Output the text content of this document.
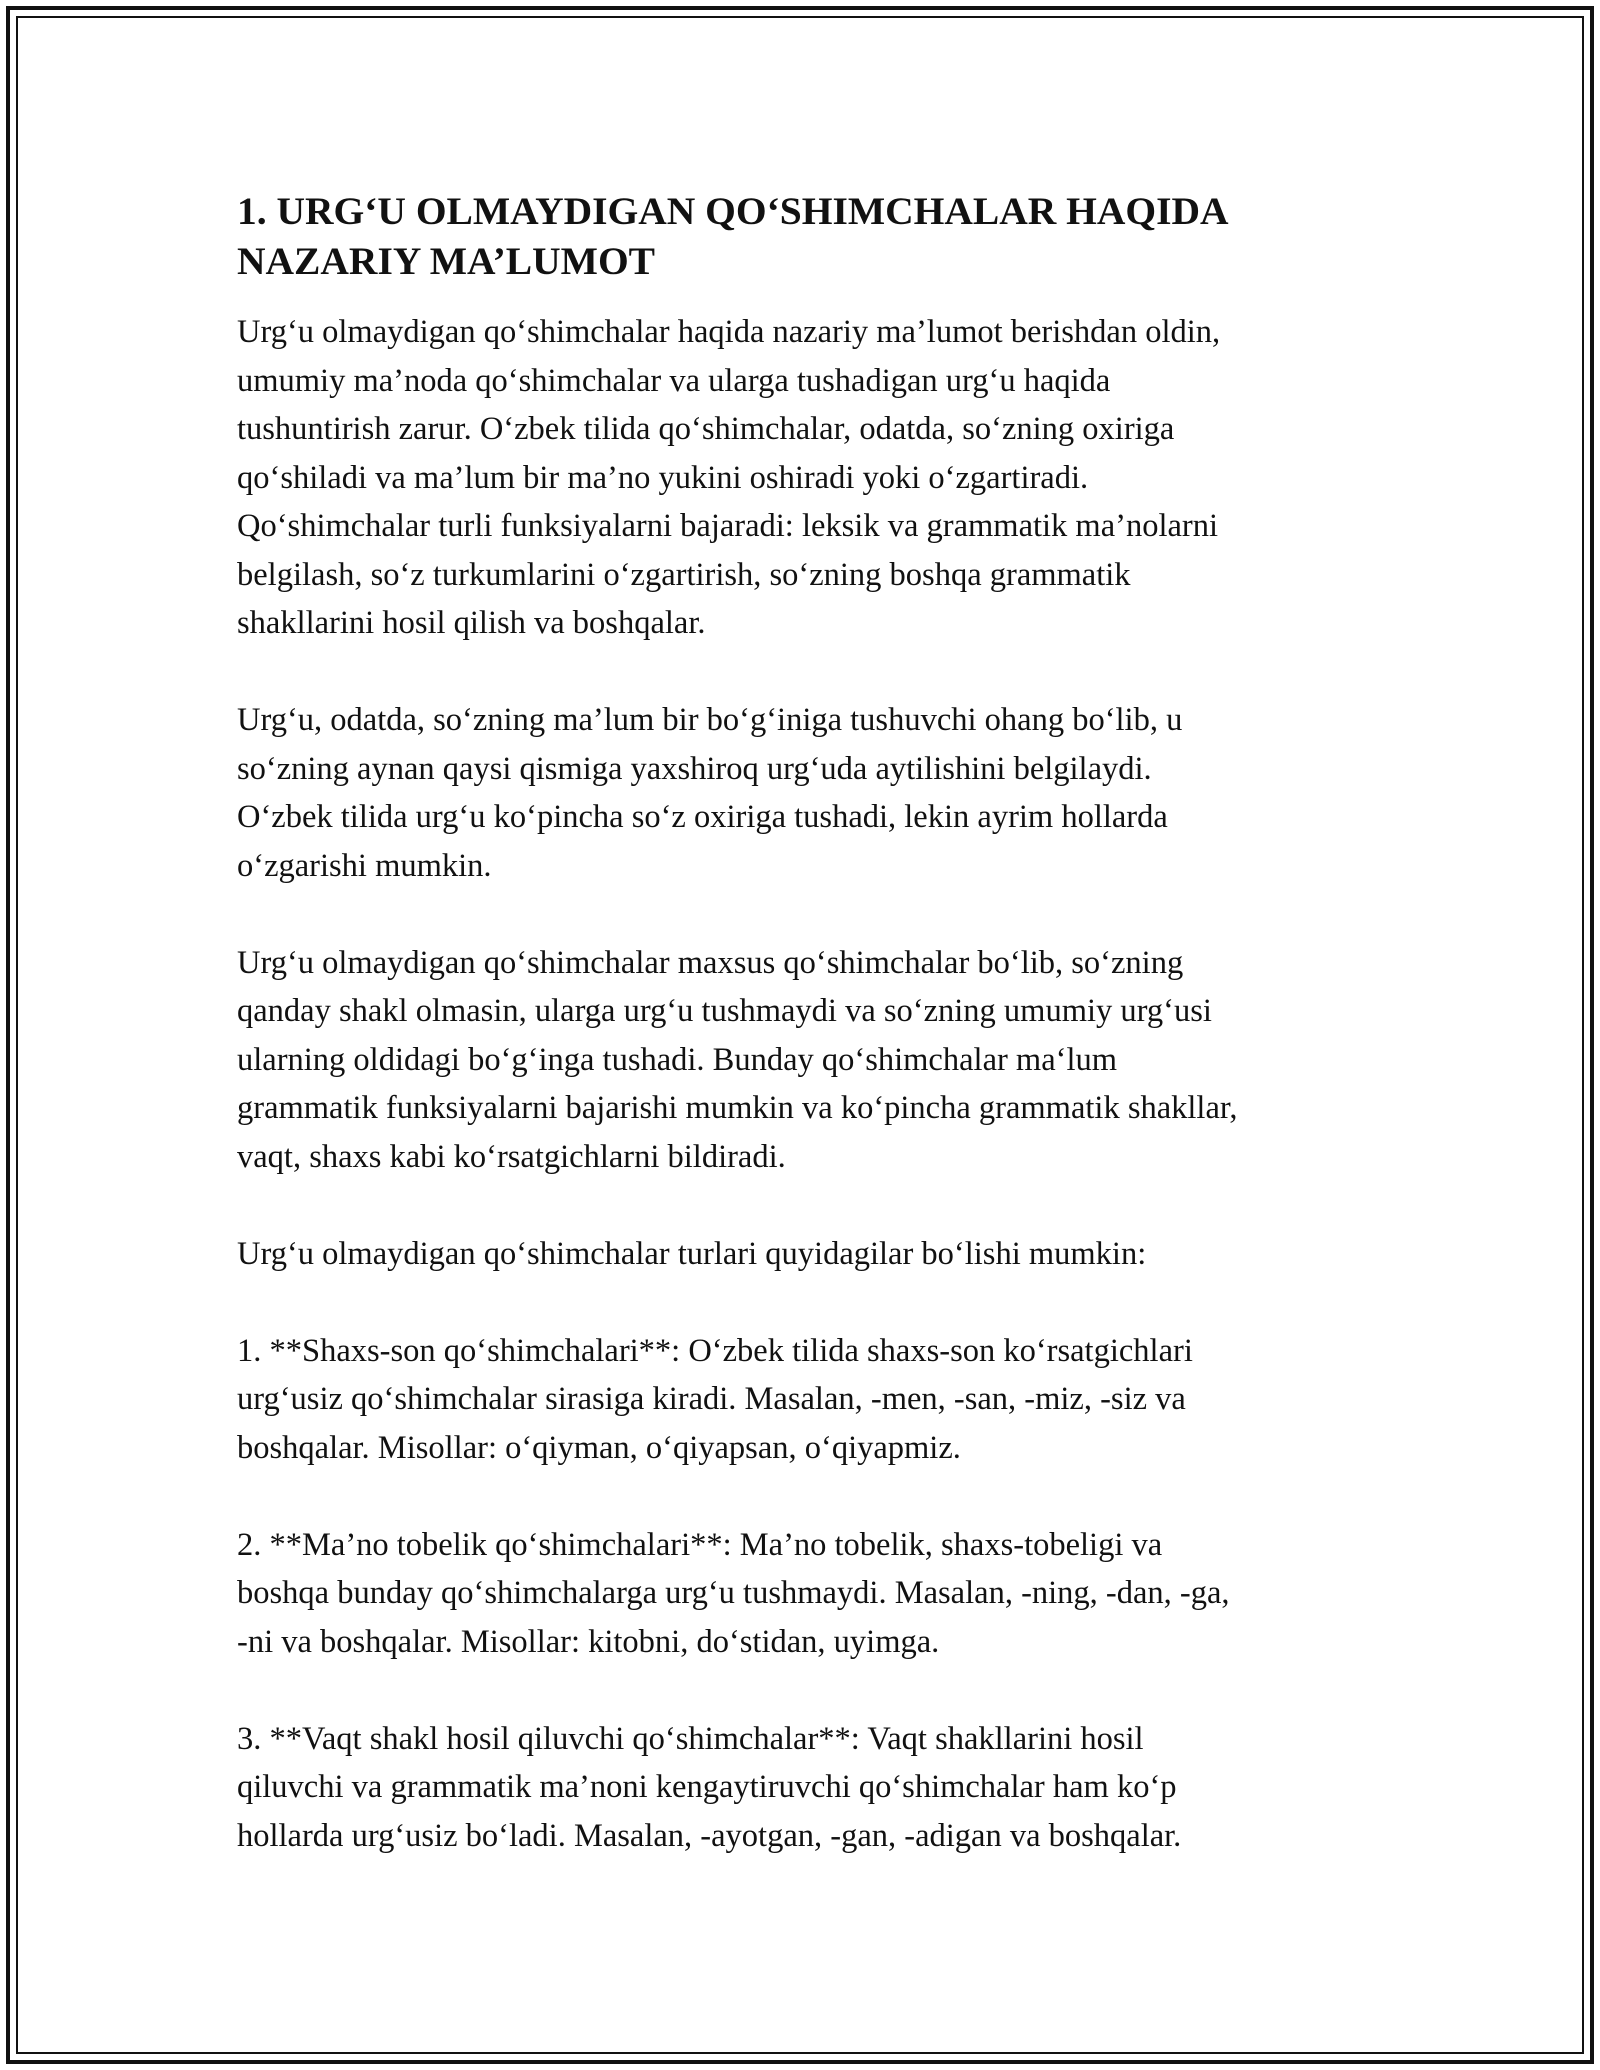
1. URG‘U OLMAYDIGAN QO‘SHIMCHALAR HAQIDA
NAZARIY MA’LUMOT

Urg‘u olmaydigan qo‘shimchalar haqida nazariy ma’lumot berishdan oldin,
umumiy ma’noda qo‘shimchalar va ularga tushadigan urg‘u haqida
tushuntirish zarur. O‘zbek tilida qo‘shimchalar, odatda, so‘zning oxiriga
qo‘shiladi va ma’lum bir ma’no yukini oshiradi yoki o‘zgartiradi.
Qo‘shimchalar turli funksiyalarni bajaradi: leksik va grammatik ma’nolarni
belgilash, so‘z turkumlarini o‘zgartirish, so‘zning boshqa grammatik
shakllarini hosil qilish va boshqalar.

Urg‘u, odatda, so‘zning ma’lum bir bo‘g‘iniga tushuvchi ohang bo‘lib, u
so‘zning aynan qaysi qismiga yaxshiroq urg‘uda aytilishini belgilaydi.
O‘zbek tilida urg‘u ko‘pincha so‘z oxiriga tushadi, lekin ayrim hollarda
o‘zgarishi mumkin.

Urg‘u olmaydigan qo‘shimchalar maxsus qo‘shimchalar bo‘lib, so‘zning
qanday shakl olmasin, ularga urg‘u tushmaydi va so‘zning umumiy urg‘usi
ularning oldidagi bo‘g‘inga tushadi. Bunday qo‘shimchalar ma‘lum
grammatik funksiyalarni bajarishi mumkin va ko‘pincha grammatik shakllar,
vaqt, shaxs kabi ko‘rsatgichlarni bildiradi.

Urg‘u olmaydigan qo‘shimchalar turlari quyidagilar bo‘lishi mumkin:

1. **Shaxs-son qo‘shimchalari**: O‘zbek tilida shaxs-son ko‘rsatgichlari
urg‘usiz qo‘shimchalar sirasiga kiradi. Masalan, -men, -san, -miz, -siz va
boshqalar. Misollar: o‘qiyman, o‘qiyapsan, o‘qiyapmiz.

2. **Ma’no tobelik qo‘shimchalari**: Ma’no tobelik, shaxs-tobeligi va
boshqa bunday qo‘shimchalarga urg‘u tushmaydi. Masalan, -ning, -dan, -ga,
-ni va boshqalar. Misollar: kitobni, do‘stidan, uyimga.

3. **Vaqt shakl hosil qiluvchi qo‘shimchalar**: Vaqt shakllarini hosil
qiluvchi va grammatik ma’noni kengaytiruvchi qo‘shimchalar ham ko‘p
hollarda urg‘usiz bo‘ladi. Masalan, -ayotgan, -gan, -adigan va boshqalar.
